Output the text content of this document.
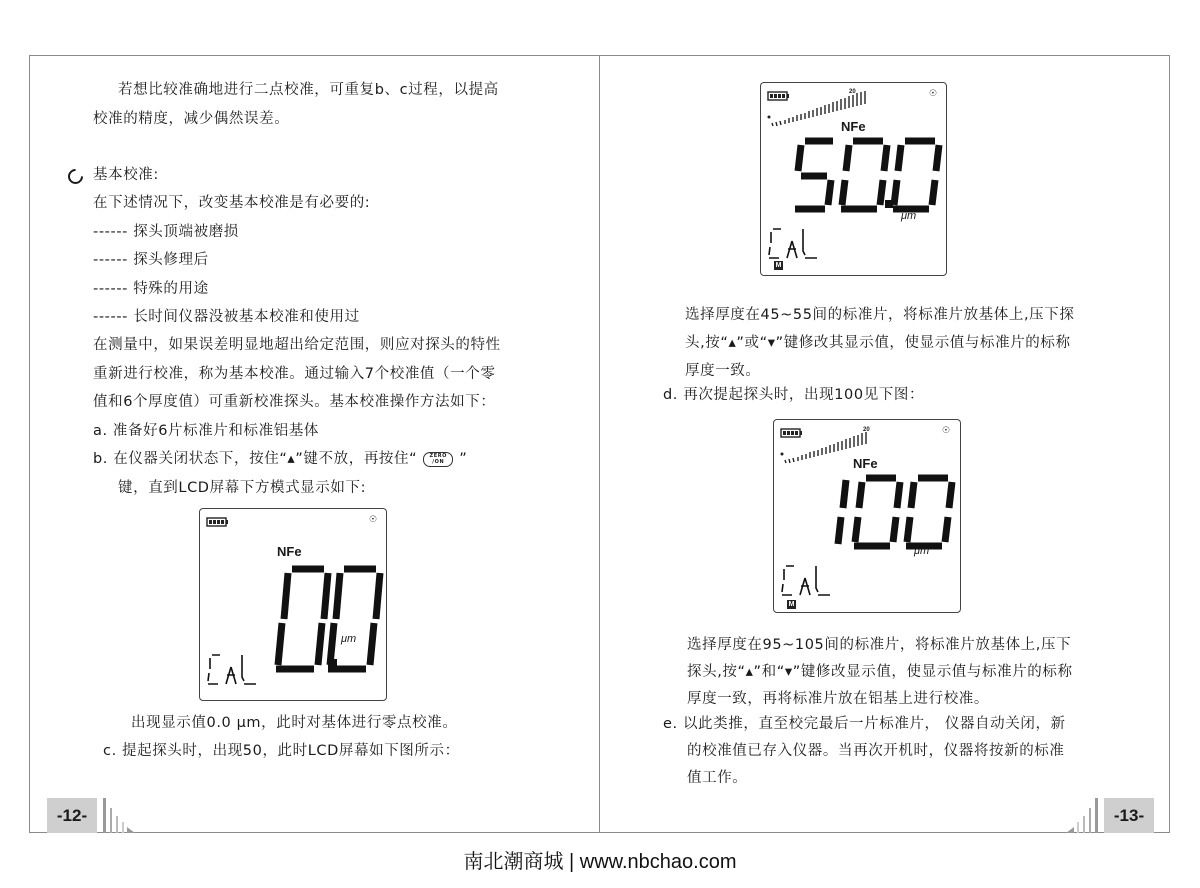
若想比较准确地进行二点校准，可重复b、c过程，以提高
校准的精度，减少偶然误差。
基本校准:
在下述情况下，改变基本校准是有必要的:
------ 探头顶端被磨损
------ 探头修理后
------ 特殊的用途
------ 长时间仪器没被基本校准和使用过
在测量中，如果误差明显地超出给定范围，则应对探头的特性
重新进行校准，称为基本校准。通过输入7个校准值（一个零
值和6个厚度值）可重新校准探头。基本校准操作方法如下：
a. 准备好6片标准片和标准铝基体
b. 在仪器关闭状态下，按住“▴”键不放，再按住“	ZERO
/ON	”
键，直到LCD屏幕下方模式显示如下:
☉
NFe
μm
出现显示值0.0 μm，此时对基体进行零点校准。
c. 提起探头时，出现50，此时LCD屏幕如下图所示：
-12-
20	☉
NFe
μm
M
选择厚度在45~55间的标准片，将标准片放基体上,压下探
头,按“▴”或“▾”键修改其显示值，使显示值与标准片的标称
厚度一致。
d. 再次提起探头时，出现100见下图：
20	☉
NFe
μm
M
选择厚度在95~105间的标准片，将标准片放基体上,压下
探头,按“▴”和“▾”键修改显示值，使显示值与标准片的标称
厚度一致，再将标准片放在铝基上进行校准。
e. 以此类推，直至校完最后一片标准片， 仪器自动关闭，新
的校准值已存入仪器。当再次开机时，仪器将按新的标准
值工作。
-13-
南北潮商城 | www.nbchao.com
